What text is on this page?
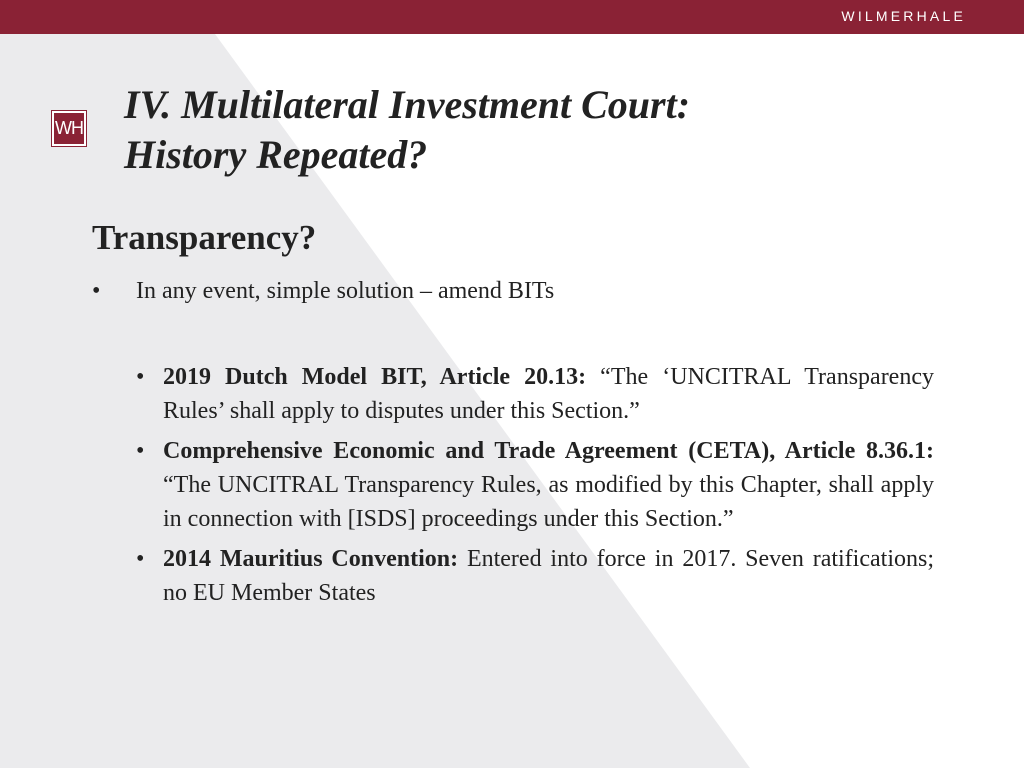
WILMERHALE
WH
IV. Multilateral Investment Court:
History Repeated?
Transparency?
• In any event, simple solution – amend BITs
• 2019 Dutch Model BIT, Article 20.13: “The ‘UNCITRAL Transparency Rules’ shall apply to disputes under this Section.”
• Comprehensive Economic and Trade Agreement (CETA), Article 8.36.1: “The UNCITRAL Transparency Rules, as modified by this Chapter, shall apply in connection with [ISDS] proceedings under this Section.”
• 2014 Mauritius Convention: Entered into force in 2017. Seven ratifications; no EU Member States
